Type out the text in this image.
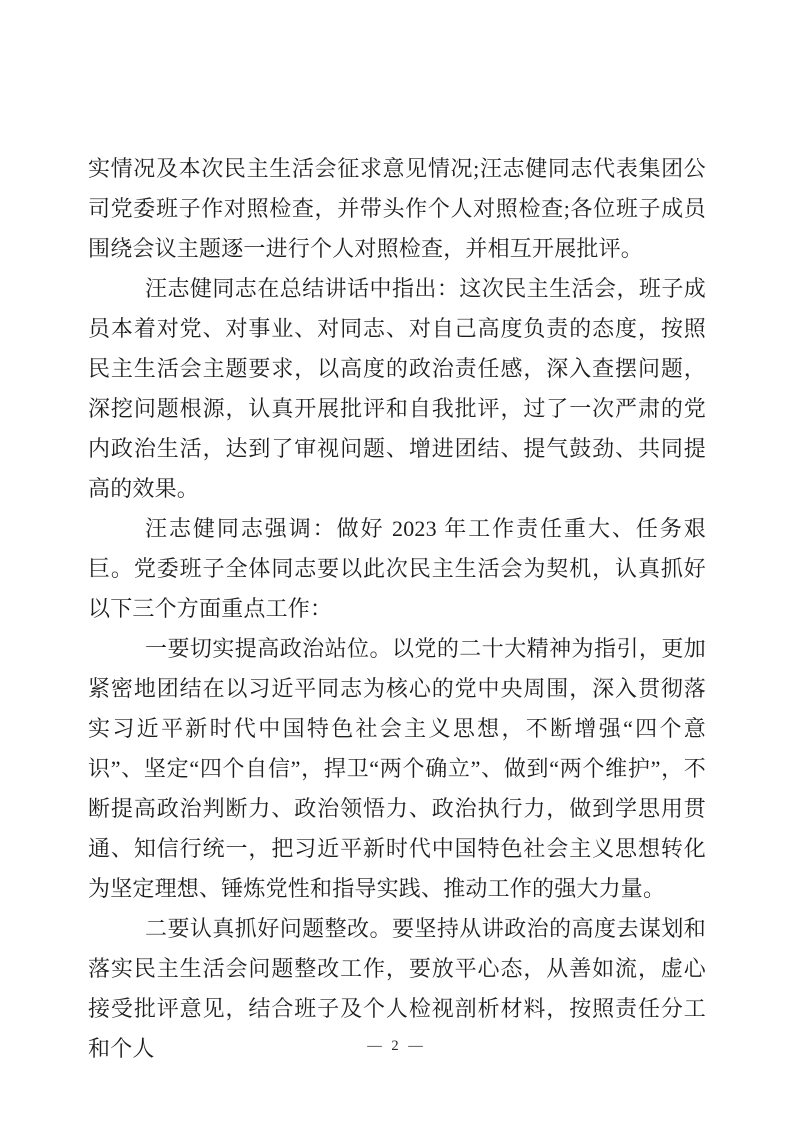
实情况及本次民主生活会征求意见情况;汪志健同志代表集团公司党委班子作对照检查，并带头作个人对照检查;各位班子成员围绕会议主题逐一进行个人对照检查，并相互开展批评。

汪志健同志在总结讲话中指出：这次民主生活会，班子成员本着对党、对事业、对同志、对自己高度负责的态度，按照民主生活会主题要求，以高度的政治责任感，深入查摆问题，深挖问题根源，认真开展批评和自我批评，过了一次严肃的党内政治生活，达到了审视问题、增进团结、提气鼓劲、共同提高的效果。

汪志健同志强调：做好 2023 年工作责任重大、任务艰巨。党委班子全体同志要以此次民主生活会为契机，认真抓好以下三个方面重点工作：

一要切实提高政治站位。以党的二十大精神为指引，更加紧密地团结在以习近平同志为核心的党中央周围，深入贯彻落实习近平新时代中国特色社会主义思想，不断增强“四个意识”、坚定“四个自信”，捍卫“两个确立”、做到“两个维护”，不断提高政治判断力、政治领悟力、政治执行力，做到学思用贯通、知信行统一，把习近平新时代中国特色社会主义思想转化为坚定理想、锤炼党性和指导实践、推动工作的强大力量。

二要认真抓好问题整改。要坚持从讲政治的高度去谋划和落实民主生活会问题整改工作，要放平心态，从善如流，虚心接受批评意见，结合班子及个人检视剖析材料，按照责任分工和个人	— 2 —
